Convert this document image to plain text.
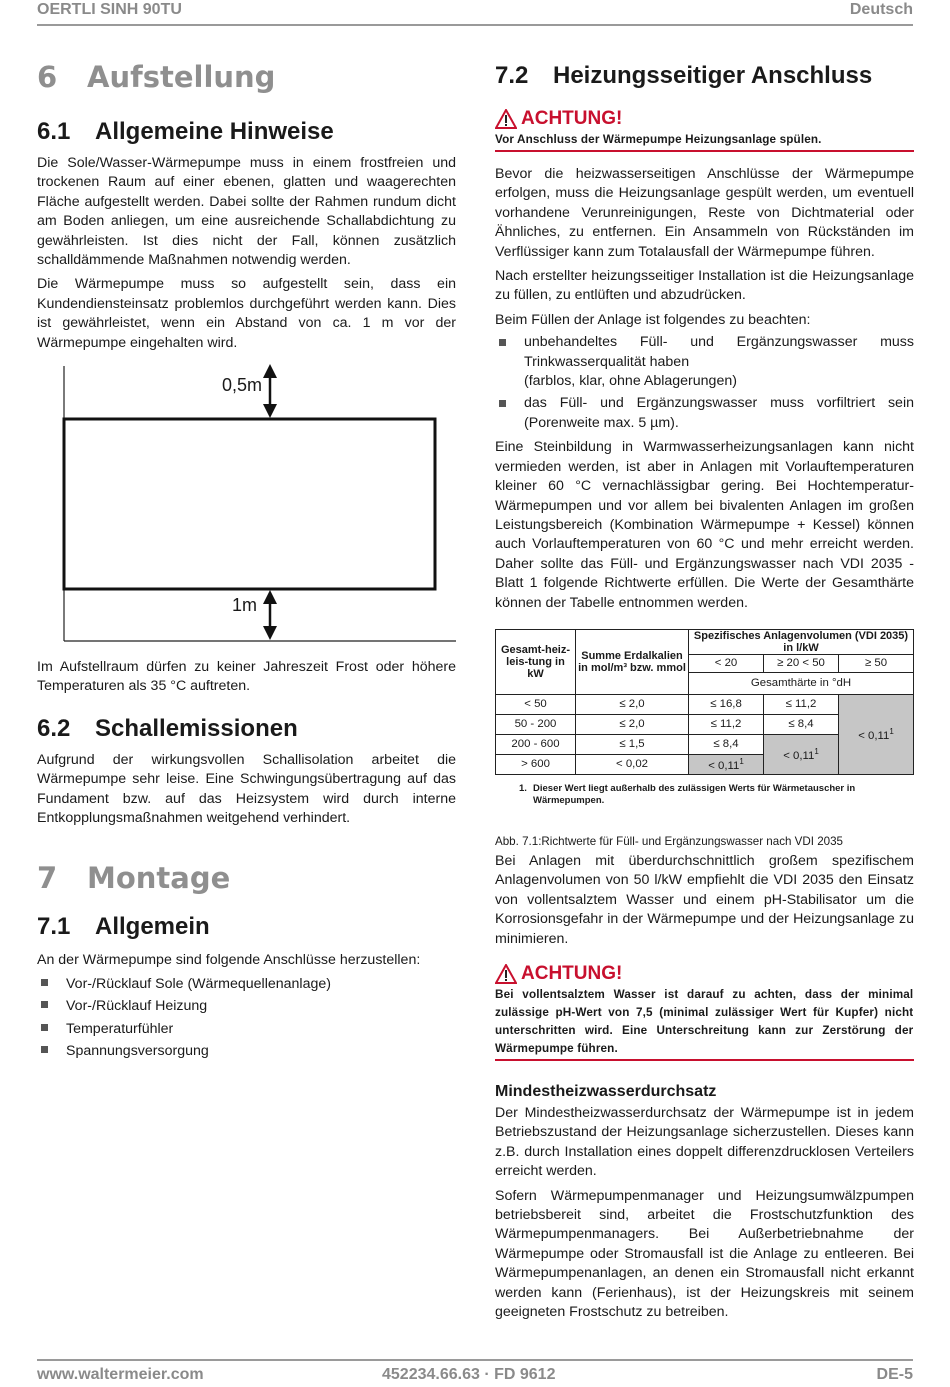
OERTLI SINH 90TU	Deutsch
6 Aufstellung
6.1 Allgemeine Hinweise

Die Sole/Wasser-Wärmepumpe muss in einem frostfreien und trockenen Raum auf einer ebenen, glatten und waagerechten Fläche aufgestellt werden. Dabei sollte der Rahmen rundum dicht am Boden anliegen, um eine ausreichende Schallabdichtung zu gewährleisten. Ist dies nicht der Fall, können zusätzlich schalldämmende Maßnahmen notwendig werden.

Die Wärmepumpe muss so aufgestellt sein, dass ein Kundendiensteinsatz problemlos durchgeführt werden kann. Dies ist gewährleistet, wenn ein Abstand von ca. 1 m vor der Wärmepumpe eingehalten wird.

0,5m
1m

Im Aufstellraum dürfen zu keiner Jahreszeit Frost oder höhere Temperaturen als 35 °C auftreten.

6.2 Schallemissionen

Aufgrund der wirkungsvollen Schallisolation arbeitet die Wärmepumpe sehr leise. Eine Schwingungsübertragung auf das Fundament bzw. auf das Heizsystem wird durch interne Entkopplungsmaßnahmen weitgehend verhindert.

7 Montage
7.1 Allgemein

An der Wärmepumpe sind folgende Anschlüsse herzustellen:

Vor-/Rücklauf Sole (Wärmequellenanlage)
Vor-/Rücklauf Heizung
Temperaturfühler
Spannungsversorgung
7.2 Heizungsseitiger Anschluss
ACHTUNG!
Vor Anschluss der Wärmepumpe Heizungsanlage spülen.

Bevor die heizwasserseitigen Anschlüsse der Wärmepumpe erfolgen, muss die Heizungsanlage gespült werden, um eventuell vorhandene Verunreinigungen, Reste von Dichtmaterial oder Ähnliches, zu entfernen. Ein Ansammeln von Rückständen im Verflüssiger kann zum Totalausfall der Wärmepumpe führen.

Nach erstellter heizungsseitiger Installation ist die Heizungsanlage zu füllen, zu entlüften und abzudrücken.

Beim Füllen der Anlage ist folgendes zu beachten:

unbehandeltes Füll- und Ergänzungswasser muss Trinkwasserqualität haben
(farblos, klar, ohne Ablagerungen)
das Füll- und Ergänzungswasser muss vorfiltriert sein (Porenweite max. 5 µm).

Eine Steinbildung in Warmwasserheizungsanlagen kann nicht vermieden werden, ist aber in Anlagen mit Vorlauftemperaturen kleiner 60 °C vernachlässigbar gering. Bei Hochtemperatur-Wärmepumpen und vor allem bei bivalenten Anlagen im großen Leistungsbereich (Kombination Wärmepumpe + Kessel) können auch Vorlauftemperaturen von 60 °C und mehr erreicht werden. Daher sollte das Füll- und Ergänzungswasser nach VDI 2035 - Blatt 1 folgende Richtwerte erfüllen. Die Werte der Gesamthärte können der Tabelle entnommen werden.

Gesamt-heiz-leis-tung in kW	Summe Erdalkalien in mol/m³ bzw. mmol	Spezifisches Anlagenvolumen (VDI 2035) in l/kW		
		< 20	≥ 20 < 50	≥ 50
		Gesamthärte in °dH		
< 50	≤ 2,0	≤ 16,8	≤ 11,2	< $0,11^1$
50 - 200	≤ 2,0	≤ 11,2	≤ 8,4	
200 - 600	≤ 1,5	≤ 8,4	< $0,11^1$
> 600	< 0,02	< $0,11^1$
1. Dieser Wert liegt außerhalb des zulässigen Werts für Wärmetauscher in Wärmepumpen.
Abb. 7.1:Richtwerte für Füll- und Ergänzungswasser nach VDI 2035

Bei Anlagen mit überdurchschnittlich großem spezifischem Anlagenvolumen von 50 l/kW empfiehlt die VDI 2035 den Einsatz von vollentsalztem Wasser und einem pH-Stabilisator um die Korrosionsgefahr in der Wärmepumpe und der Heizungsanlage zu minimieren.

ACHTUNG!
Bei vollentsalztem Wasser ist darauf zu achten, dass der minimal zulässige pH-Wert von 7,5 (minimal zulässiger Wert für Kupfer) nicht unterschritten wird. Eine Unterschreitung kann zur Zerstörung der Wärmepumpe führen.
Mindestheizwasserdurchsatz

Der Mindestheizwasserdurchsatz der Wärmepumpe ist in jedem Betriebszustand der Heizungsanlage sicherzustellen. Dieses kann z.B. durch Installation eines doppelt differenzdrucklosen Verteilers erreicht werden.

Sofern Wärmepumpenmanager und Heizungsumwälzpumpen betriebsbereit sind, arbeitet die Frostschutzfunktion des Wärmepumpenmanagers. Bei Außerbetriebnahme der Wärmepumpe oder Stromausfall ist die Anlage zu entleeren. Bei Wärmepumpenanlagen, an denen ein Stromausfall nicht erkannt werden kann (Ferienhaus), ist der Heizungskreis mit seinem geeigneten Frostschutz zu betreiben.

www.waltermeier.com	452234.66.63 · FD 9612	DE-5
